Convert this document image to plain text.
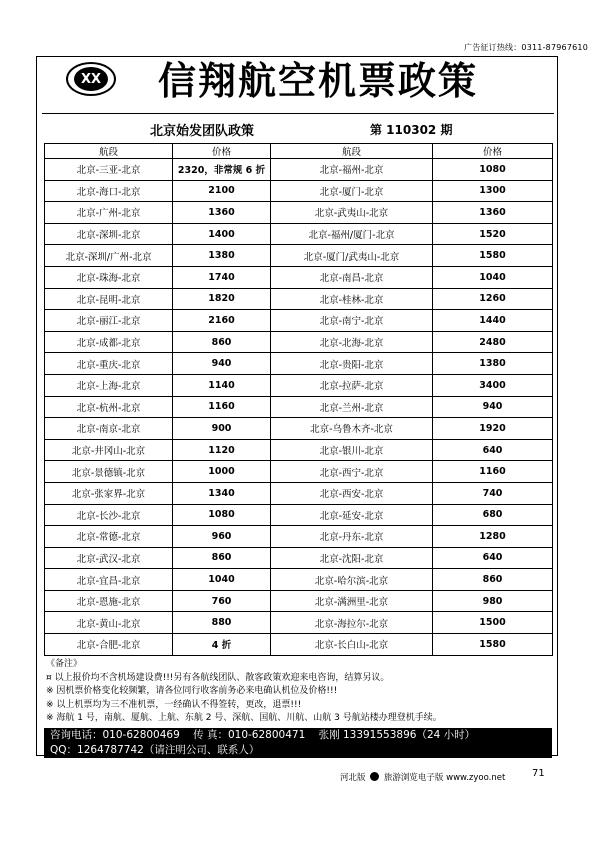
广告征订热线：0311-87967610
XX 信翔航空机票政策
北京始发团队政策	第 110302 期
航段	价格	航段	价格
北京-三亚-北京	2320，非常规 6 折	北京-福州-北京	1080
北京-海口-北京	2100	北京-厦门-北京	1300
北京-广州-北京	1360	北京-武夷山-北京	1360
北京-深圳-北京	1400	北京-福州/厦门-北京	1520
北京-深圳/广州-北京	1380	北京-厦门/武夷山-北京	1580
北京-珠海-北京	1740	北京-南昌-北京	1040
北京-昆明-北京	1820	北京-桂林-北京	1260
北京-丽江-北京	2160	北京-南宁-北京	1440
北京-成都-北京	860	北京-北海-北京	2480
北京-重庆-北京	940	北京-贵阳-北京	1380
北京-上海-北京	1140	北京-拉萨-北京	3400
北京-杭州-北京	1160	北京-兰州-北京	940
北京-南京-北京	900	北京-乌鲁木齐-北京	1920
北京-井冈山-北京	1120	北京-银川-北京	640
北京-景德镇-北京	1000	北京-西宁-北京	1160
北京-张家界-北京	1340	北京-西安-北京	740
北京-长沙-北京	1080	北京-延安-北京	680
北京-常德-北京	960	北京-丹东-北京	1280
北京-武汉-北京	860	北京-沈阳-北京	640
北京-宜昌-北京	1040	北京-哈尔滨-北京	860
北京-恩施-北京	760	北京-满洲里-北京	980
北京-黄山-北京	880	北京-海拉尔-北京	1500
北京-合肥-北京	4 折	北京-长白山-北京	1580
《备注》
¤ 以上报价均不含机场建设费!!!另有各航线团队、散客政策欢迎来电咨询，结算另议。
※ 因机票价格变化较频繁，请各位同行收客前务必来电确认机位及价格!!!
※ 以上机票均为三不准机票，一经确认不得签转，更改，退票!!!
※ 海航 1 号，南航、厦航、上航、东航 2 号、深航、国航、川航、山航 3 号航站楼办理登机手续。
咨询电话：010-62800469 传 真：010-62800471 张刚 13391553896（24 小时）
QQ：1264787742（请注明公司、联系人）
河北版 旅游浏览电子版 www.zyoo.net	71
